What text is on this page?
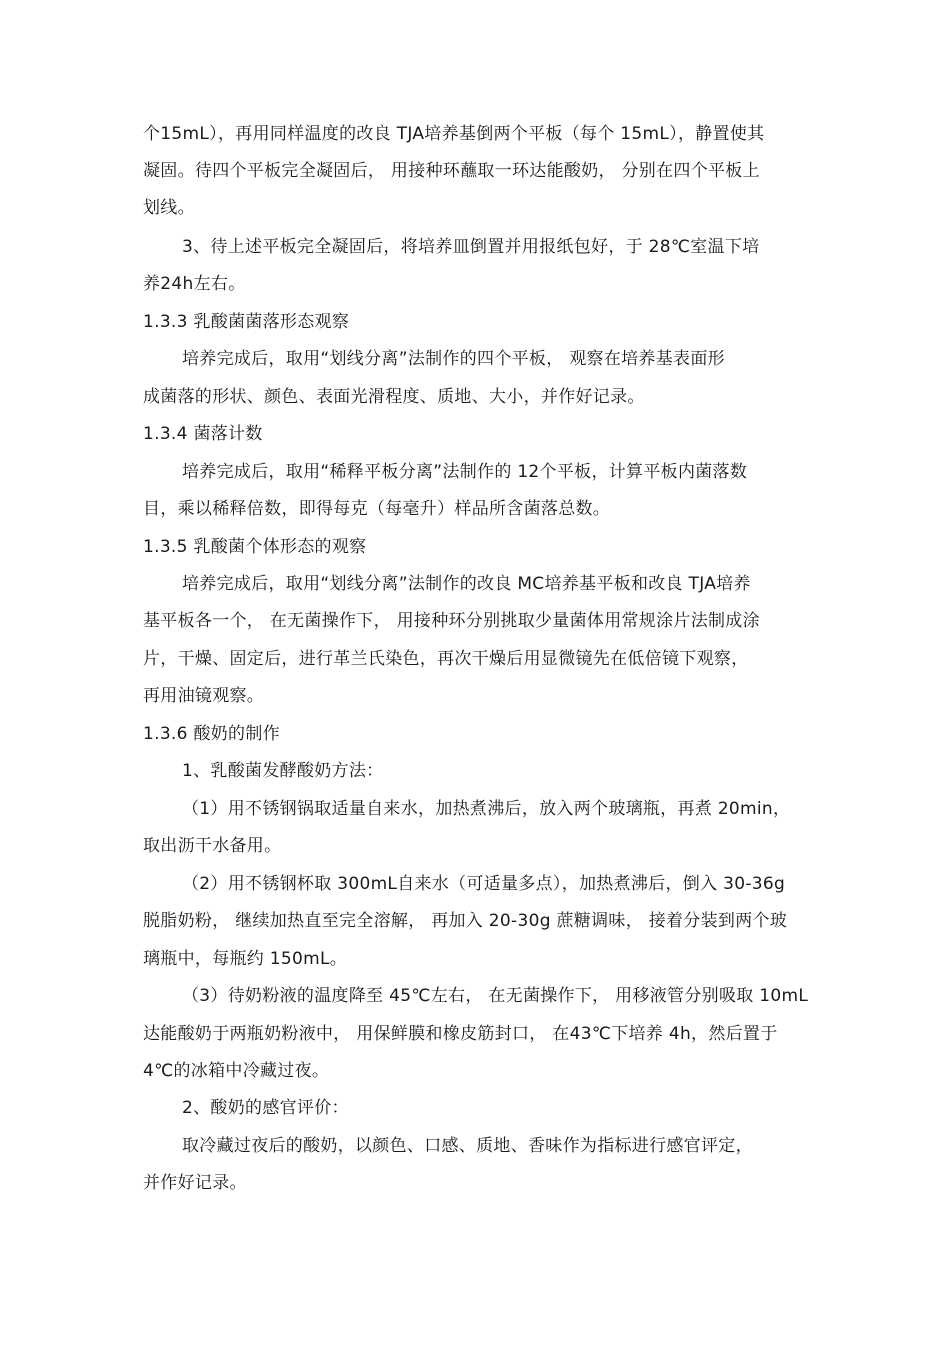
个15mL），再用同样温度的改良 TJA培养基倒两个平板（每个 15mL），静置使其
凝固。待四个平板完全凝固后， 用接种环蘸取一环达能酸奶， 分别在四个平板上
划线。
3、待上述平板完全凝固后，将培养皿倒置并用报纸包好，于 28℃室温下培
养24h左右。
1.3.3 乳酸菌菌落形态观察
培养完成后，取用“划线分离”法制作的四个平板， 观察在培养基表面形
成菌落的形状、颜色、表面光滑程度、质地、大小，并作好记录。
1.3.4 菌落计数
培养完成后，取用“稀释平板分离”法制作的 12个平板，计算平板内菌落数
目，乘以稀释倍数，即得每克（每毫升）样品所含菌落总数。
1.3.5 乳酸菌个体形态的观察
培养完成后，取用“划线分离”法制作的改良 MC培养基平板和改良 TJA培养
基平板各一个， 在无菌操作下， 用接种环分别挑取少量菌体用常规涂片法制成涂
片，干燥、固定后，进行革兰氏染色，再次干燥后用显微镜先在低倍镜下观察，
再用油镜观察。
1.3.6 酸奶的制作
1、乳酸菌发酵酸奶方法：
（1）用不锈钢锅取适量自来水，加热煮沸后，放入两个玻璃瓶，再煮 20min，
取出沥干水备用。
（2）用不锈钢杯取 300mL自来水（可适量多点），加热煮沸后，倒入 30-36g
脱脂奶粉， 继续加热直至完全溶解， 再加入 20-30g 蔗糖调味， 接着分装到两个玻
璃瓶中，每瓶约 150mL。
（3）待奶粉液的温度降至 45℃左右， 在无菌操作下， 用移液管分别吸取 10mL
达能酸奶于两瓶奶粉液中， 用保鲜膜和橡皮筋封口， 在43℃下培养 4h，然后置于
4℃的冰箱中冷藏过夜。
2、酸奶的感官评价：
取冷藏过夜后的酸奶，以颜色、口感、质地、香味作为指标进行感官评定，
并作好记录。
